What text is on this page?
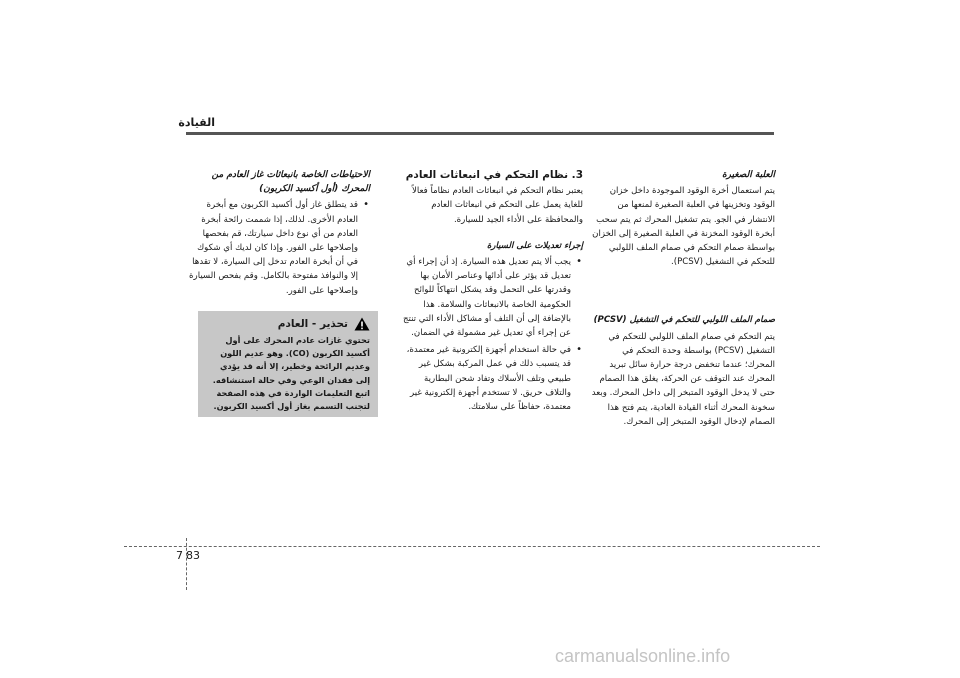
القيادة
العلبة الصغيرة

يتم استعمال أخرة الوقود الموجودة داخل خزان الوقود وتخزينها في العلبة الصغيرة لمنعها من الانتشار في الجو. يتم تشغيل المحرك ثم يتم سحب أبخرة الوقود المخزنة في العلبة الصغيرة إلى الخزان بواسطة صمام التحكم في صمام الملف اللولبي للتحكم في التشغيل (PCSV).

صمام الملف اللولبي للتحكم في التشغيل (PCSV)

يتم التحكم في صمام الملف اللولبي للتحكم في التشغيل (PCSV) بواسطة وحدة التحكم في المحرك؛ عندما تنخفض درجة حرارة سائل تبريد المحرك عند التوقف عن الحركة، يغلق هذا الصمام حتى لا يدخل الوقود المتبخر إلى داخل المحرك. وبعد سخونة المحرك أثناء القيادة العادية، يتم فتح هذا الصمام لإدخال الوقود المتبخر إلى المحرك.

3. نظام التحكم في انبعاثات العادم

يعتبر نظام التحكم في انبعاثات العادم نظاماً فعالاً للغاية يعمل على التحكم في انبعاثات العادم والمحافظة على الأداء الجيد للسيارة.

إجراء تعديلات على السيارة
• يجب ألا يتم تعديل هذه السيارة. إذ أن إجراء أي تعديل قد يؤثر على أدائها وعناصر الأمان بها وقدرتها على التحمل وقد يشكل انتهاكاً للوائح الحكومية الخاصة بالانبعاثات والسلامة. هذا بالإضافة إلى أن التلف أو مشاكل الأداء التي تنتج عن إجراء أي تعديل غير مشمولة في الضمان.
• في حالة استخدام أجهزة إلكترونية غير معتمدة، قد يتسبب ذلك في عمل المركبة بشكل غير طبيعي وتلف الأسلاك وتفاد شحن البطارية والتلاف حريق. لا تستخدم أجهزة إلكترونية غير معتمدة، حفاظاً على سلامتك.
الاحتياطات الخاصة بانبعاثات غاز العادم من المحرك (أول أكسيد الكربون)
• قد يتطلق غاز أول أكسيد الكربون مع أبخرة العادم الأخرى. لذلك، إذا شممت رائحة أبخرة العادم من أي نوع داخل سيارتك، قم بفحصها وإصلاحها على الفور. وإذا كان لديك أي شكوك في أن أبخرة العادم تدخل إلى السيارة، لا تقدها إلا والنوافذ مفتوحة بالكامل. وقم بفحص السيارة وإصلاحها على الفور.
تحذير - العادم
تحتوي غازات عادم المحرك على أول أكسيد الكربون (CO). وهو عديم اللون وعديم الرائحة وخطير، إلا أنه قد يؤدي إلى فقدان الوعي وفي حالة استنشاقه. اتبع التعليمات الواردة في هذه الصفحة لتجنب التسمم بغاز أول أكسيد الكربون.
7 83
carmanualsonline.info
